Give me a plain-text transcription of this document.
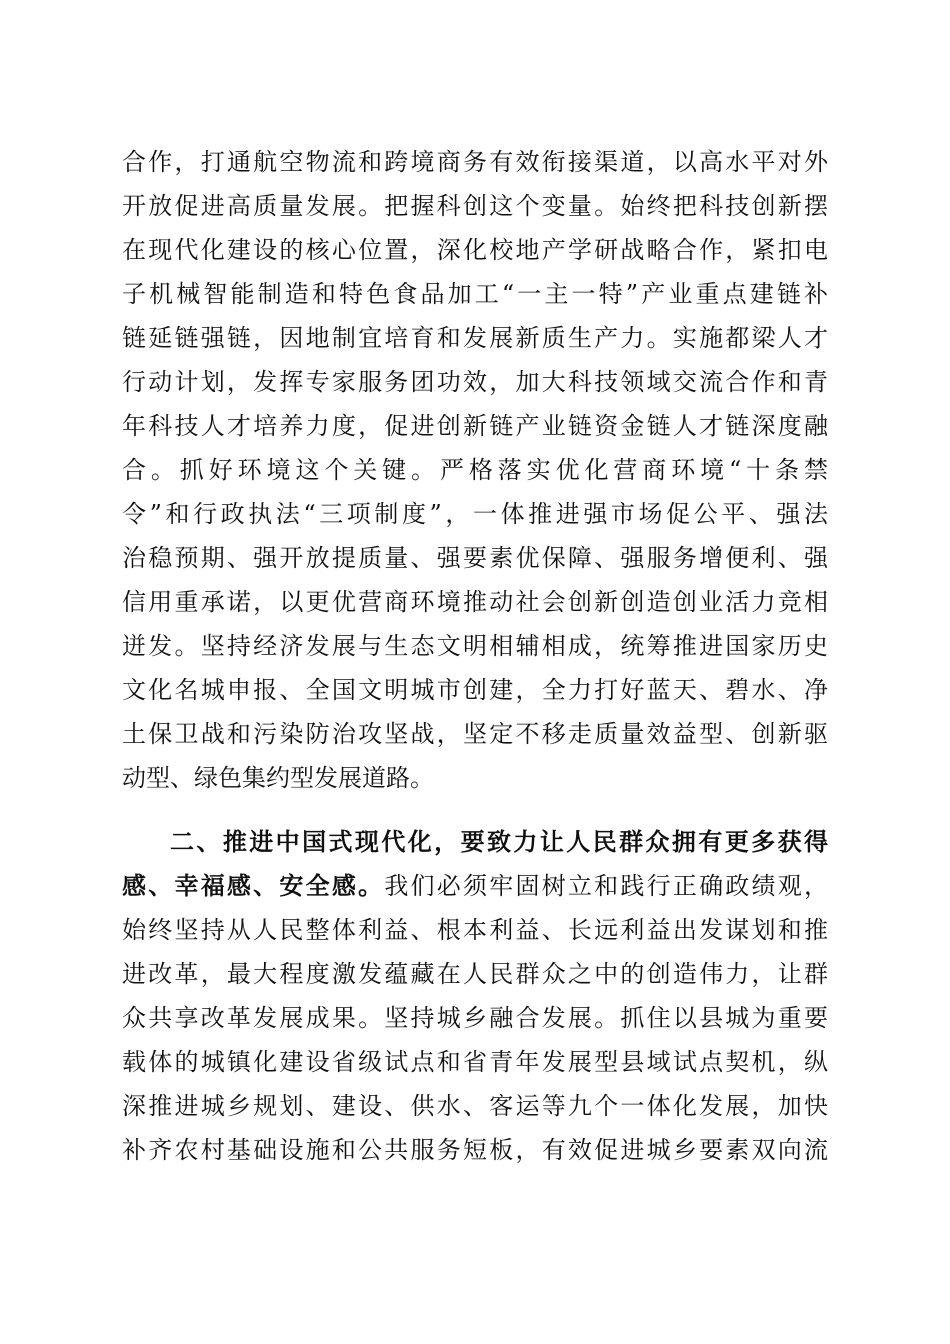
合作，打通航空物流和跨境商务有效衔接渠道，以高水平对外
开放促进高质量发展。把握科创这个变量。始终把科技创新摆
在现代化建设的核心位置，深化校地产学研战略合作，紧扣电
子机械智能制造和特色食品加工“一主一特”产业重点建链补
链延链强链，因地制宜培育和发展新质生产力。实施都梁人才
行动计划，发挥专家服务团功效，加大科技领域交流合作和青
年科技人才培养力度，促进创新链产业链资金链人才链深度融
合。抓好环境这个关键。严格落实优化营商环境“十条禁
令”和行政执法“三项制度”，一体推进强市场促公平、强法
治稳预期、强开放提质量、强要素优保障、强服务增便利、强
信用重承诺，以更优营商环境推动社会创新创造创业活力竞相
迸发。坚持经济发展与生态文明相辅相成，统筹推进国家历史
文化名城申报、全国文明城市创建，全力打好蓝天、碧水、净
土保卫战和污染防治攻坚战，坚定不移走质量效益型、创新驱
动型、绿色集约型发展道路。
二、推进中国式现代化，要致力让人民群众拥有更多获得
感、幸福感、安全感。我们必须牢固树立和践行正确政绩观，
始终坚持从人民整体利益、根本利益、长远利益出发谋划和推
进改革，最大程度激发蕴藏在人民群众之中的创造伟力，让群
众共享改革发展成果。坚持城乡融合发展。抓住以县城为重要
载体的城镇化建设省级试点和省青年发展型县域试点契机，纵
深推进城乡规划、建设、供水、客运等九个一体化发展，加快
补齐农村基础设施和公共服务短板，有效促进城乡要素双向流
